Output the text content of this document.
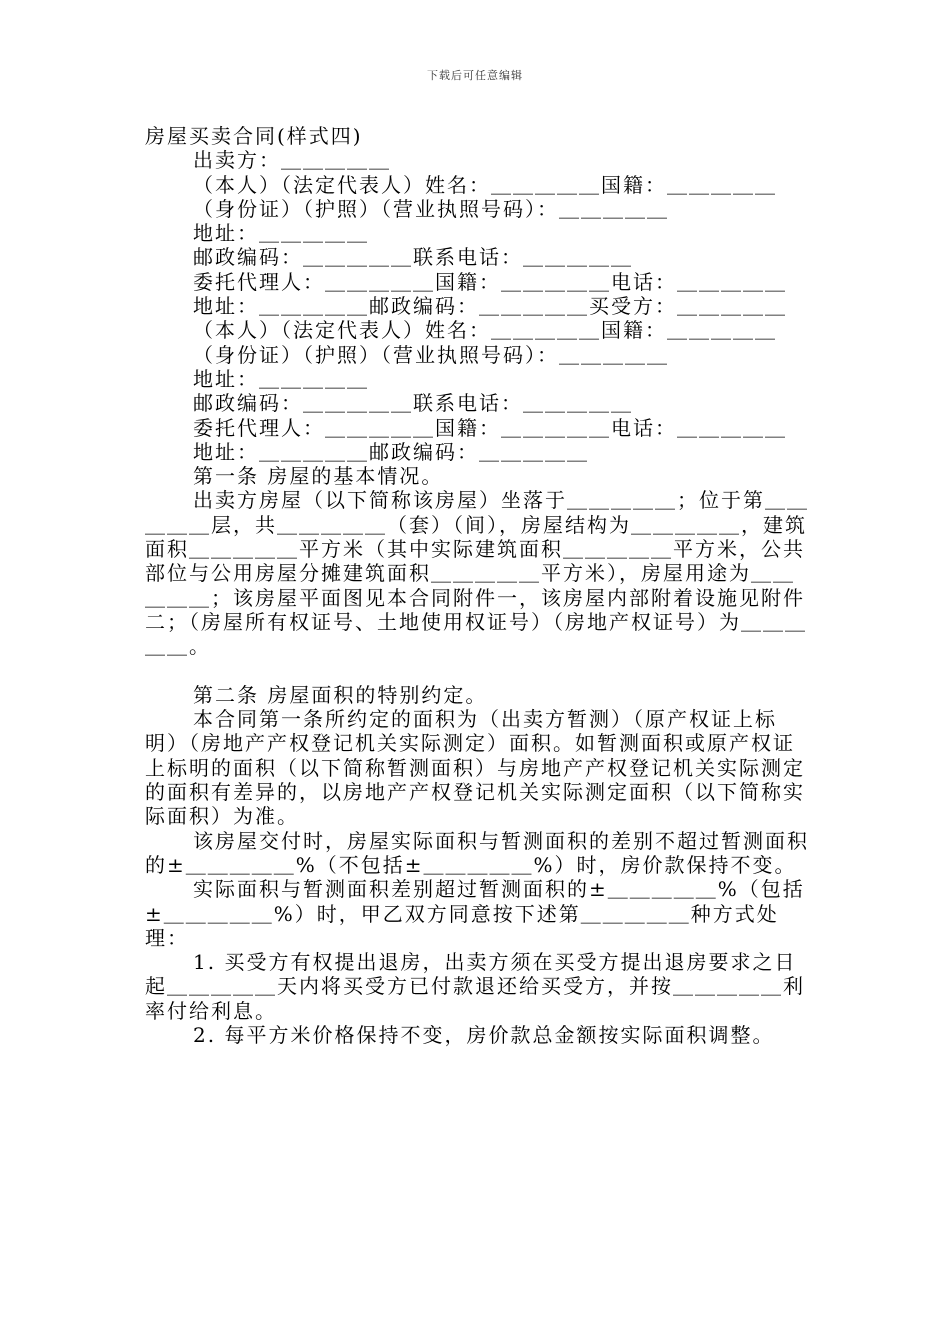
下载后可任意编辑

房屋买卖合同(样式四)

出卖方：＿＿＿＿＿

（本人）（法定代表人）姓名：＿＿＿＿＿国籍：＿＿＿＿＿

（身份证）（护照）（营业执照号码）：＿＿＿＿＿

地址：＿＿＿＿＿

邮政编码：＿＿＿＿＿联系电话：＿＿＿＿＿

委托代理人：＿＿＿＿＿国籍：＿＿＿＿＿电话：＿＿＿＿＿

地址：＿＿＿＿＿邮政编码：＿＿＿＿＿买受方：＿＿＿＿＿

（本人）（法定代表人）姓名：＿＿＿＿＿国籍：＿＿＿＿＿

（身份证）（护照）（营业执照号码）：＿＿＿＿＿

地址：＿＿＿＿＿

邮政编码：＿＿＿＿＿联系电话：＿＿＿＿＿

委托代理人：＿＿＿＿＿国籍：＿＿＿＿＿电话：＿＿＿＿＿

地址：＿＿＿＿＿邮政编码：＿＿＿＿＿

第一条 房屋的基本情况。

出卖方房屋（以下简称该房屋）坐落于＿＿＿＿＿；位于第＿＿＿＿＿层，共＿＿＿＿＿（套）（间），房屋结构为＿＿＿＿＿，建筑面积＿＿＿＿＿平方米（其中实际建筑面积＿＿＿＿＿平方米，公共部位与公用房屋分摊建筑面积＿＿＿＿＿平方米），房屋用途为＿＿＿＿＿；该房屋平面图见本合同附件一，该房屋内部附着设施见附件二；（房屋所有权证号、土地使用权证号）（房地产权证号）为＿＿＿＿＿。

第二条 房屋面积的特别约定。

本合同第一条所约定的面积为（出卖方暂测）（原产权证上标明）（房地产产权登记机关实际测定）面积。如暂测面积或原产权证上标明的面积（以下简称暂测面积）与房地产产权登记机关实际测定的面积有差异的，以房地产产权登记机关实际测定面积（以下简称实际面积）为准。

该房屋交付时，房屋实际面积与暂测面积的差别不超过暂测面积的±＿＿＿＿＿%（不包括±＿＿＿＿＿%）时，房价款保持不变。

实际面积与暂测面积差别超过暂测面积的±＿＿＿＿＿%（包括±＿＿＿＿＿%）时，甲乙双方同意按下述第＿＿＿＿＿种方式处理：

1. 买受方有权提出退房，出卖方须在买受方提出退房要求之日起＿＿＿＿＿天内将买受方已付款退还给买受方，并按＿＿＿＿＿利率付给利息。

2. 每平方米价格保持不变，房价款总金额按实际面积调整。
